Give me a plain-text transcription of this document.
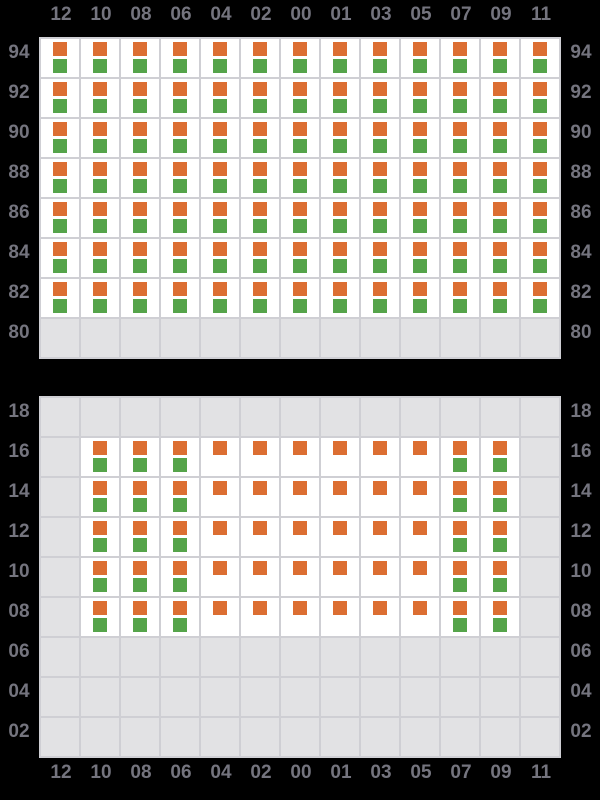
12 10 08 06 04 02 00 01 03 05 07 09	11
12 10 08 06 04 02 00 01 03 05 07 09	11
94
92
90
88
86
84
82
80
94
92
90
88
86
84
82
80
18
16
14
12
10
08
06
04
02
18
16
14
12
10
08
06
04
02
